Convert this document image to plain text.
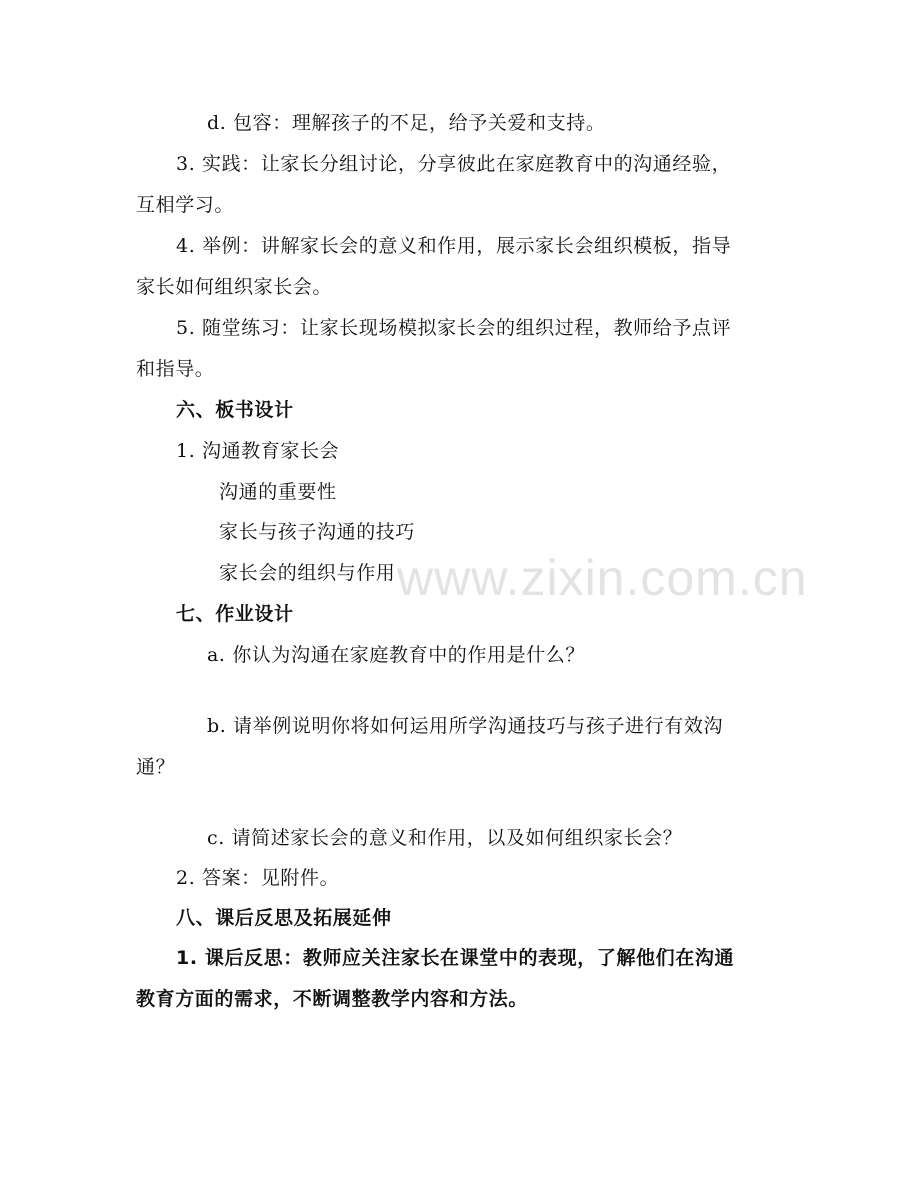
www.zixin.com.cn
d. 包容：理解孩子的不足，给予关爱和支持。
3. 实践：让家长分组讨论，分享彼此在家庭教育中的沟通经验，
互相学习。
4. 举例：讲解家长会的意义和作用，展示家长会组织模板，指导
家长如何组织家长会。
5. 随堂练习：让家长现场模拟家长会的组织过程，教师给予点评
和指导。
六、板书设计
1. 沟通教育家长会
沟通的重要性
家长与孩子沟通的技巧
家长会的组织与作用
七、作业设计
a. 你认为沟通在家庭教育中的作用是什么？
b. 请举例说明你将如何运用所学沟通技巧与孩子进行有效沟
通？
c. 请简述家长会的意义和作用，以及如何组织家长会？
2. 答案：见附件。
八、课后反思及拓展延伸
1. 课后反思：教师应关注家长在课堂中的表现，了解他们在沟通
教育方面的需求，不断调整教学内容和方法。
